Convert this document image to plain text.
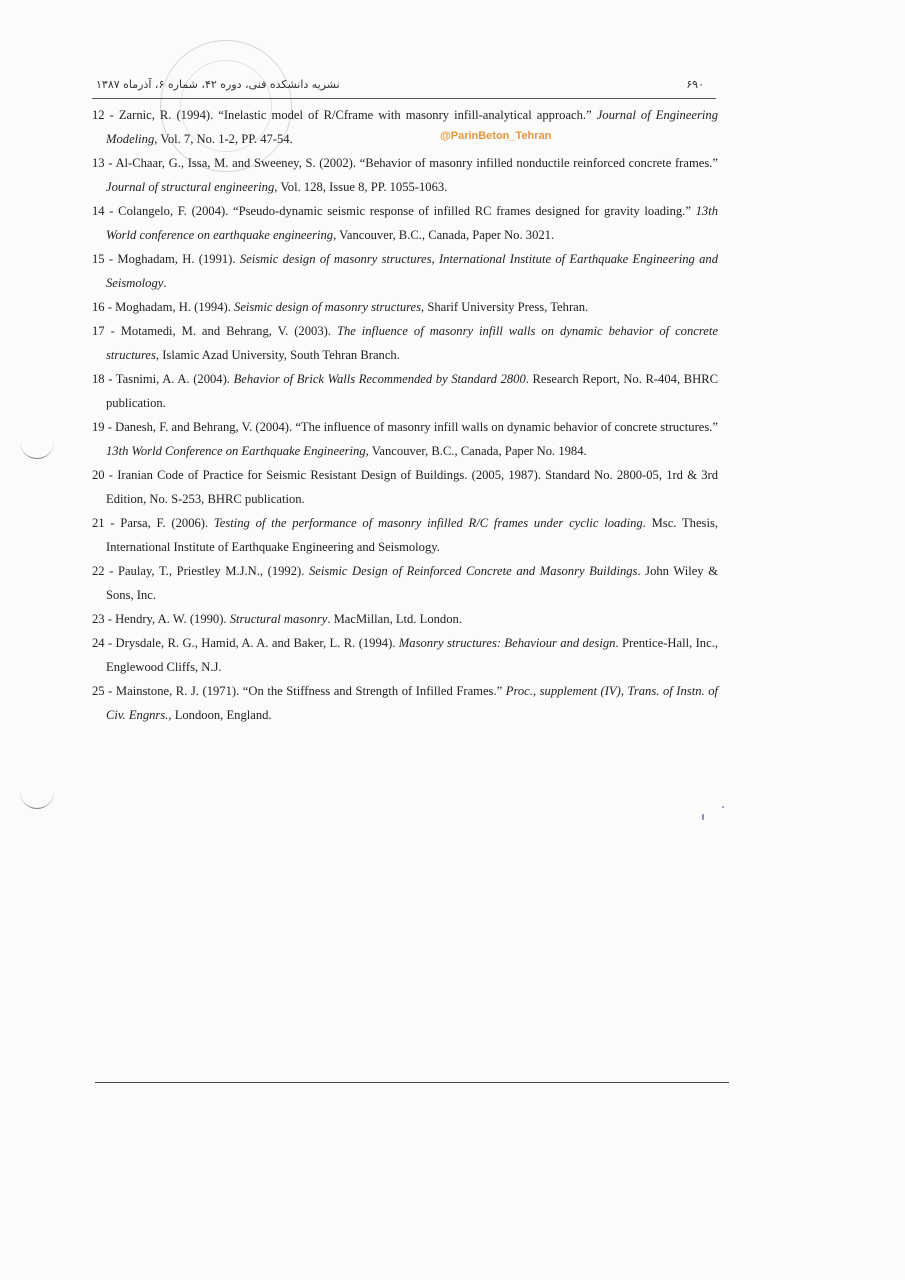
نشریه دانشکده فنی، دوره ۴۲، شماره ۶، آذرماه ۱۳۸۷	۶۹۰
@ParinBeton_Tehran

12 - Zarnic, R. (1994). “Inelastic model of R/Cframe with masonry infill-analytical approach.” Journal of Engineering Modeling, Vol. 7, No. 1-2, PP. 47-54.

13 - Al-Chaar, G., Issa, M. and Sweeney, S. (2002). “Behavior of masonry infilled nonductile reinforced concrete frames.” Journal of structural engineering, Vol. 128, Issue 8, PP. 1055-1063.

14 - Colangelo, F. (2004). “Pseudo-dynamic seismic response of infilled RC frames designed for gravity loading.” 13th World conference on earthquake engineering, Vancouver, B.C., Canada, Paper No. 3021.

15 - Moghadam, H. (1991). Seismic design of masonry structures, International Institute of Earthquake Engineering and Seismology.

16 - Moghadam, H. (1994). Seismic design of masonry structures, Sharif University Press, Tehran.

17 - Motamedi, M. and Behrang, V. (2003). The influence of masonry infill walls on dynamic behavior of concrete structures, Islamic Azad University, South Tehran Branch.

18 - Tasnimi, A. A. (2004). Behavior of Brick Walls Recommended by Standard 2800. Research Report, No. R-404, BHRC publication.

19 - Danesh, F. and Behrang, V. (2004). “The influence of masonry infill walls on dynamic behavior of concrete structures.” 13th World Conference on Earthquake Engineering, Vancouver, B.C., Canada, Paper No. 1984.

20 - Iranian Code of Practice for Seismic Resistant Design of Buildings. (2005, 1987). Standard No. 2800-05, 1rd & 3rd Edition, No. S-253, BHRC publication.

21 - Parsa, F. (2006). Testing of the performance of masonry infilled R/C frames under cyclic loading. Msc. Thesis, International Institute of Earthquake Engineering and Seismology.

22 - Paulay, T., Priestley M.J.N., (1992). Seismic Design of Reinforced Concrete and Masonry Buildings. John Wiley & Sons, Inc.

23 - Hendry, A. W. (1990). Structural masonry. MacMillan, Ltd. London.

24 - Drysdale, R. G., Hamid, A. A. and Baker, L. R. (1994). Masonry structures: Behaviour and design. Prentice-Hall, Inc., Englewood Cliffs, N.J.

25 - Mainstone, R. J. (1971). “On the Stiffness and Strength of Infilled Frames.” Proc., supplement (IV), Trans. of Instn. of Civ. Engnrs., Londoon, England.
